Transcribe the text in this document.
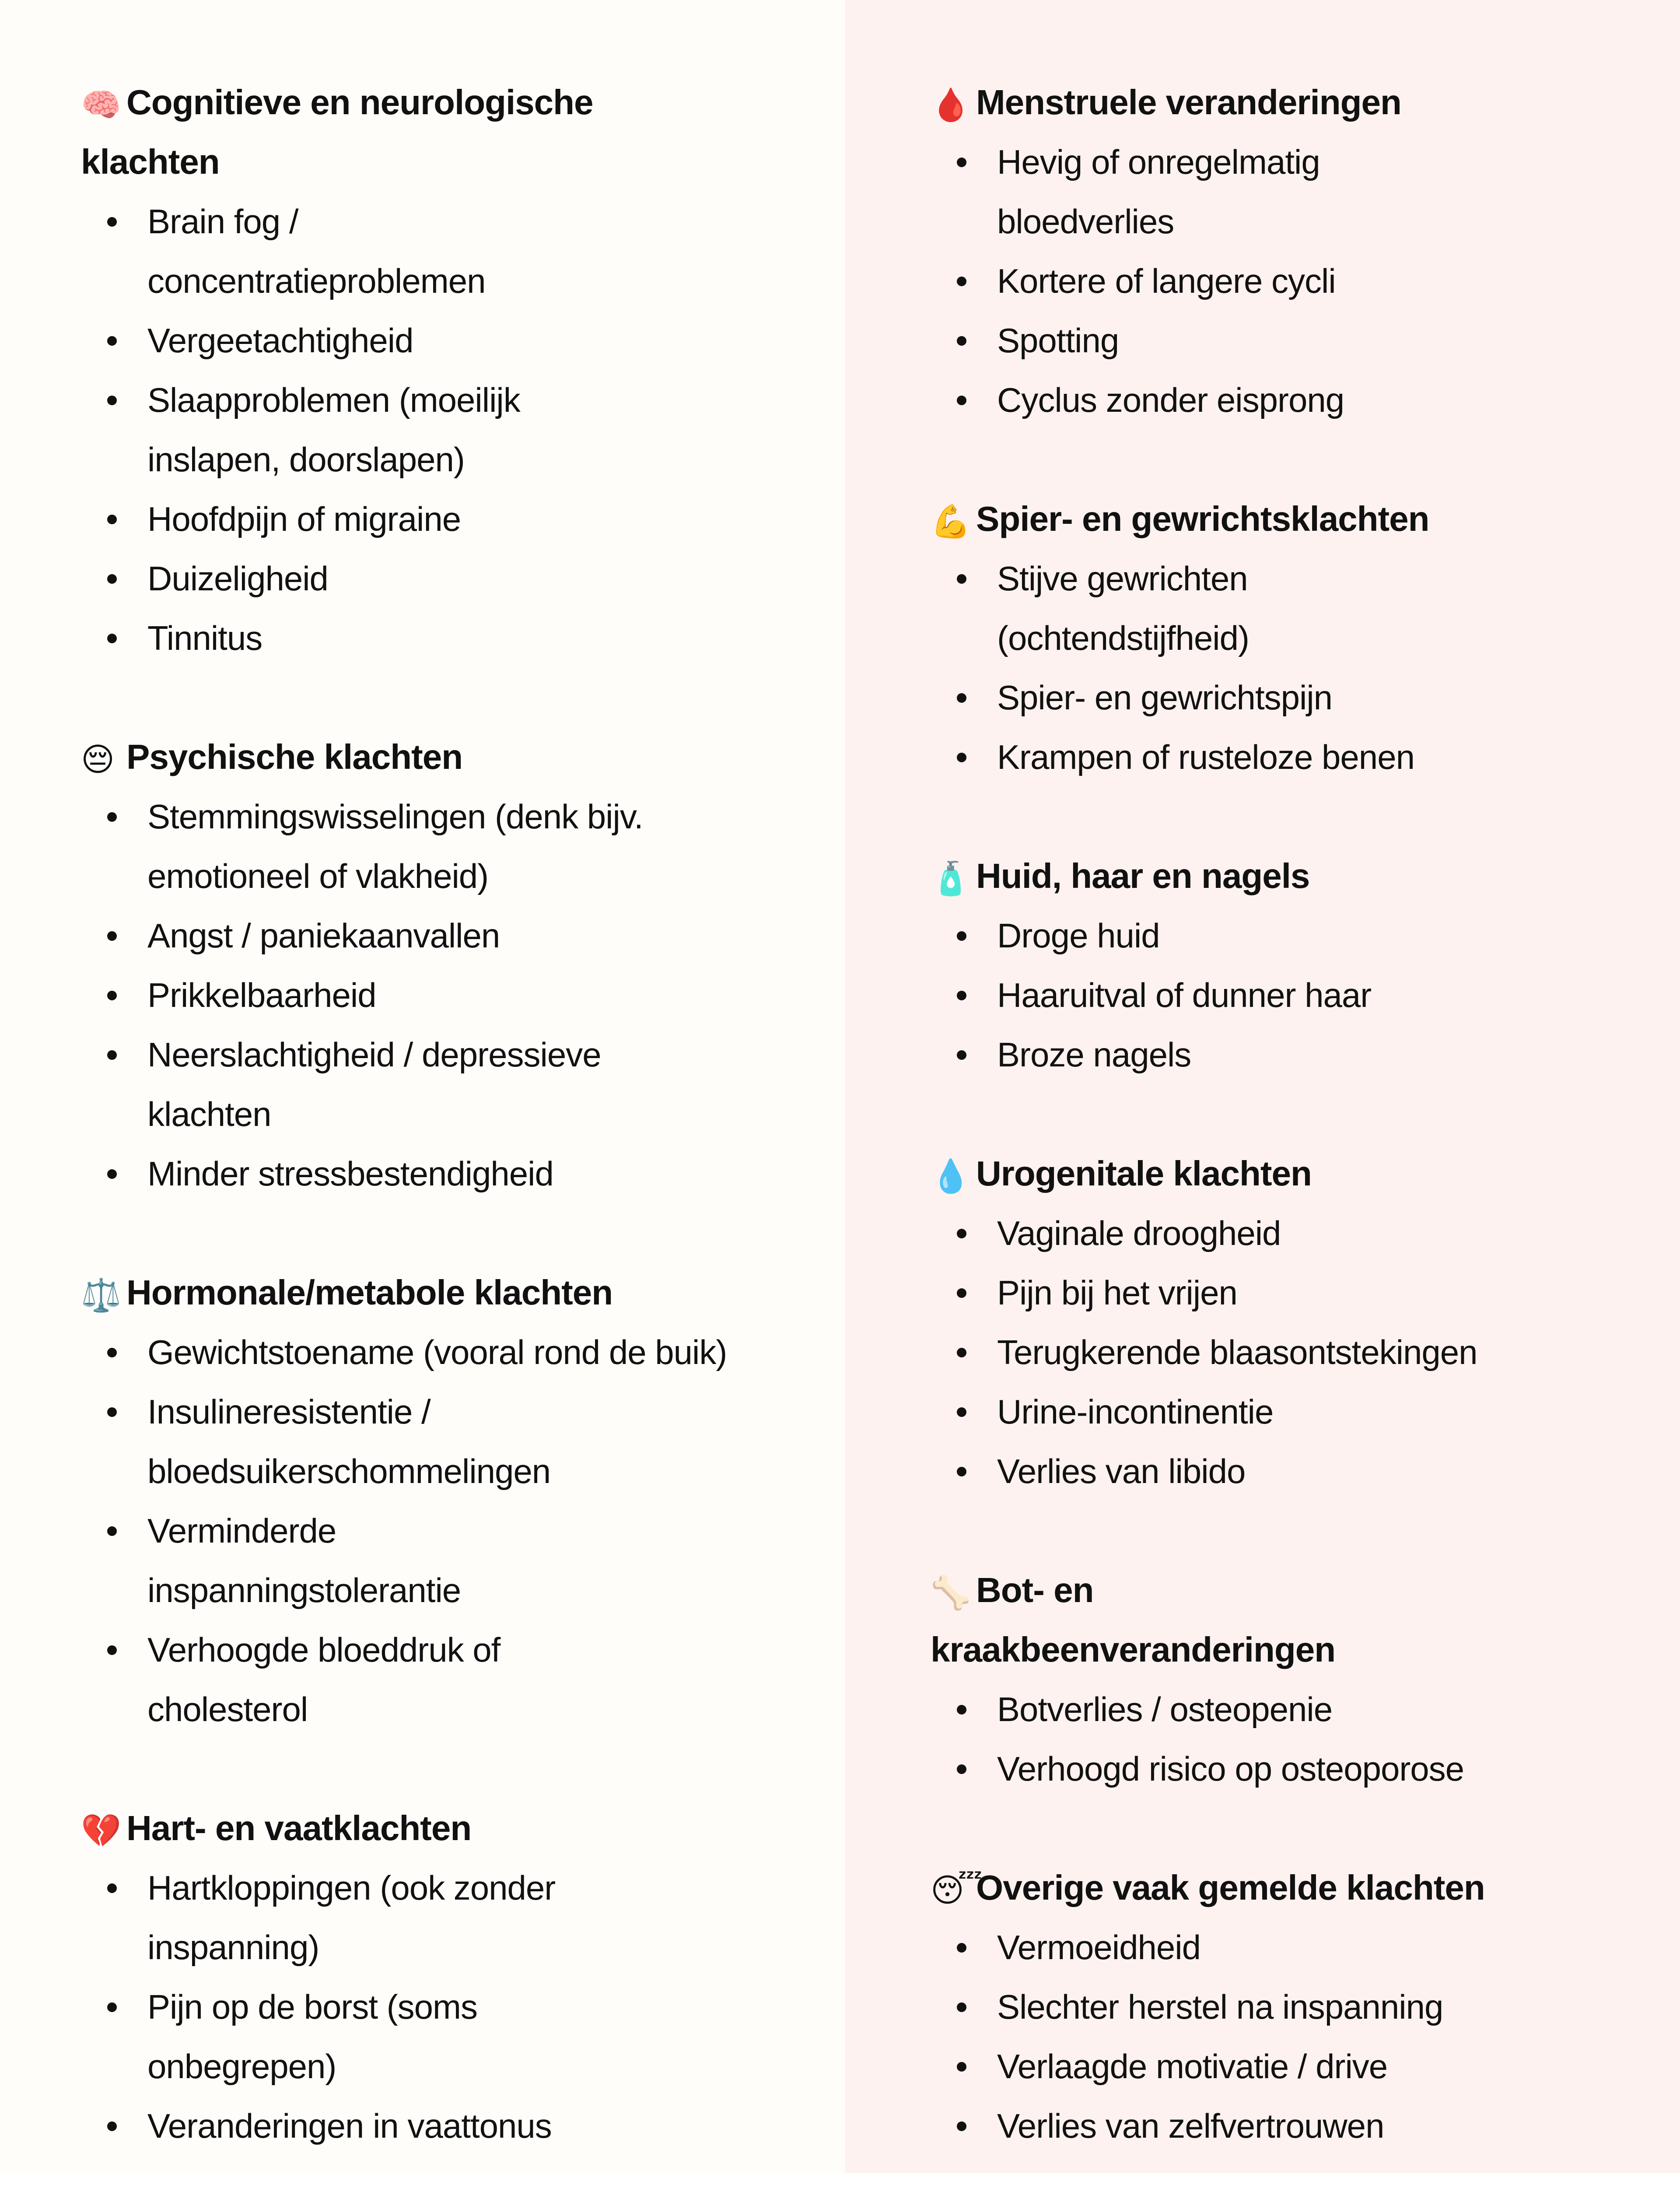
🧠 Cognitieve en neurologische klachten
Brain fog / concentratieproblemen
Vergeetachtigheid
Slaapproblemen (moeilijk inslapen, doorslapen)
Hoofdpijn of migraine
Duizeligheid
Tinnitus
😔 Psychische klachten
Stemmingswisselingen (denk bijv. emotioneel of vlakheid)
Angst / paniekaanvallen
Prikkelbaarheid
Neerslachtigheid / depressieve klachten
Minder stressbestendigheid
⚖️ Hormonale/metabole klachten
Gewichtstoename (vooral rond de buik)
Insulineresistentie / bloedsuikerschommelingen
Verminderde inspanningstolerantie
Verhoogde bloeddruk of cholesterol
💔 Hart- en vaatklachten
Hartkloppingen (ook zonder inspanning)
Pijn op de borst (soms onbegrepen)
Veranderingen in vaattonus
🩸 Menstruele veranderingen
Hevig of onregelmatig bloedverlies
Kortere of langere cycli
Spotting
Cyclus zonder eisprong
💪 Spier- en gewrichtsklachten
Stijve gewrichten (ochtendstijfheid)
Spier- en gewrichtspijn
Krampen of rusteloze benen
🧴 Huid, haar en nagels
Droge huid
Haaruitval of dunner haar
Broze nagels
💧 Urogenitale klachten
Vaginale droogheid
Pijn bij het vrijen
Terugkerende blaasontstekingen
Urine-incontinentie
Verlies van libido
🦴 Bot- en kraakbeenveranderingen
Botverlies / osteopenie
Verhoogd risico op osteoporose
😴Overige vaak gemelde klachten
Vermoeidheid
Slechter herstel na inspanning
Verlaagde motivatie / drive
Verlies van zelfvertrouwen
